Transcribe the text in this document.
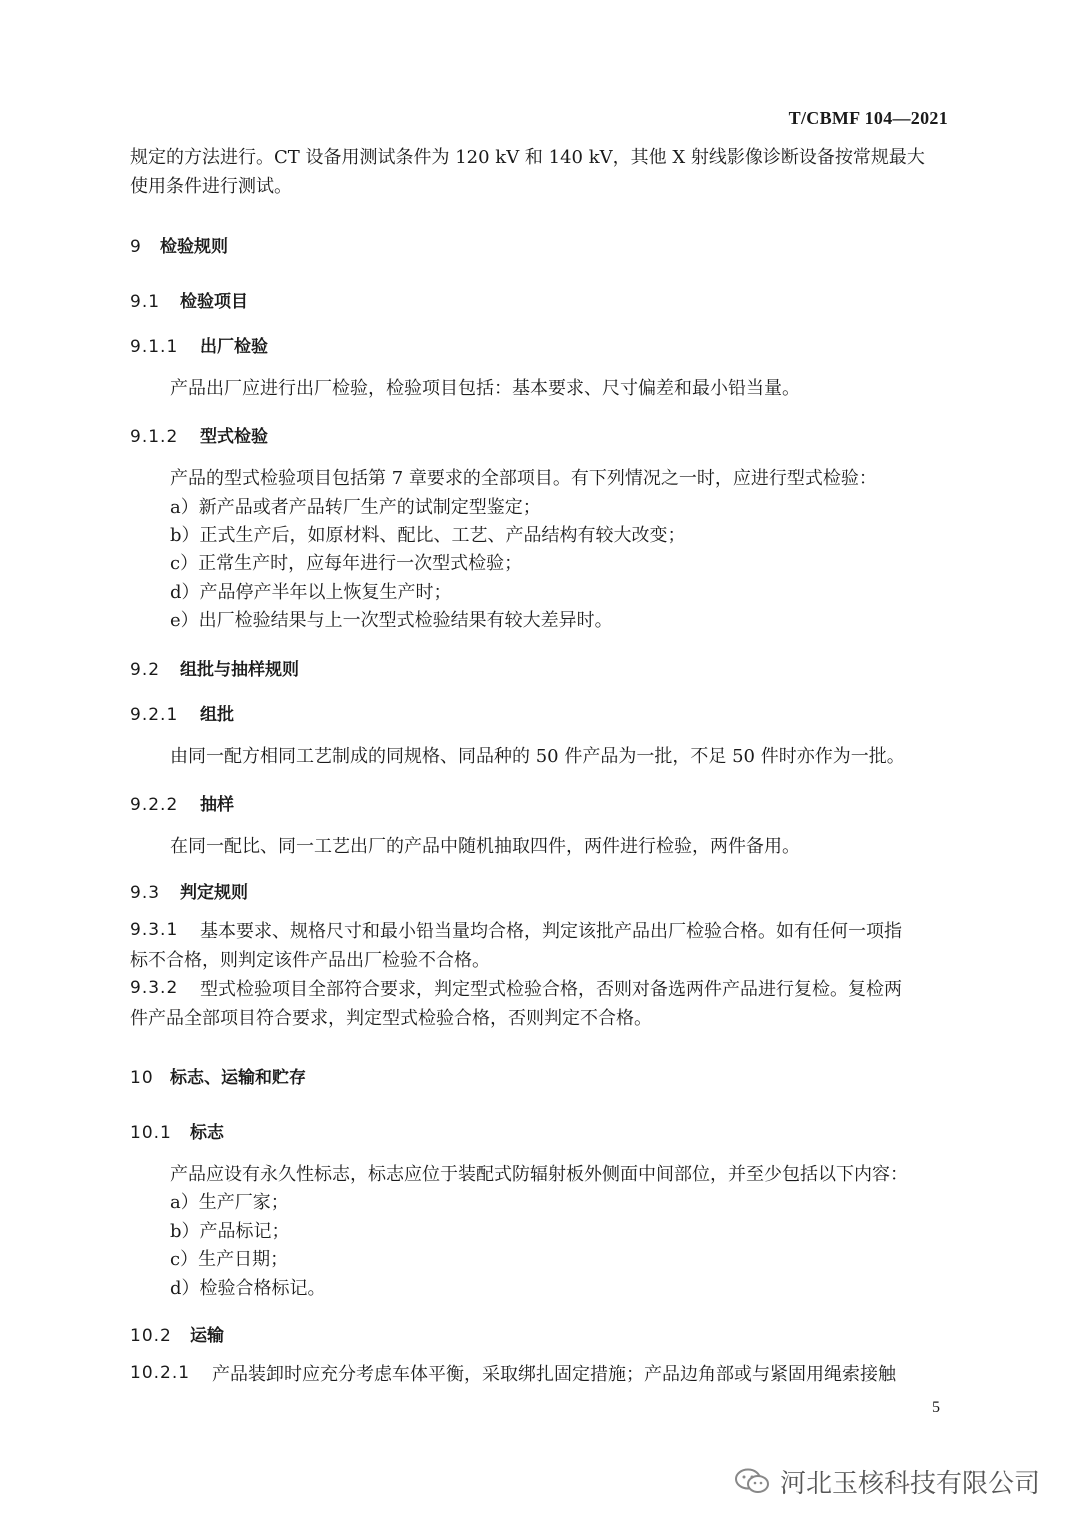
T/CBMF 104—2021

规定的方法进行。CT 设备用测试条件为 120 kV 和 140 kV，其他 X 射线影像诊断设备按常规最大

使用条件进行测试。

9 检验规则
9.1 检验项目
9.1.1 出厂检验

产品出厂应进行出厂检验，检验项目包括：基本要求、尺寸偏差和最小铅当量。

9.1.2 型式检验

产品的型式检验项目包括第 7 章要求的全部项目。有下列情况之一时，应进行型式检验：

a）新产品或者产品转厂生产的试制定型鉴定；

b）正式生产后，如原材料、配比、工艺、产品结构有较大改变；

c）正常生产时，应每年进行一次型式检验；

d）产品停产半年以上恢复生产时；

e）出厂检验结果与上一次型式检验结果有较大差异时。

9.2 组批与抽样规则
9.2.1 组批

由同一配方相同工艺制成的同规格、同品种的 50 件产品为一批，不足 50 件时亦作为一批。

9.2.2 抽样

在同一配比、同一工艺出厂的产品中随机抽取四件，两件进行检验，两件备用。

9.3 判定规则
9.3.1 基本要求、规格尺寸和最小铅当量均合格，判定该批产品出厂检验合格。如有任何一项指

标不合格，则判定该件产品出厂检验不合格。

9.3.2 型式检验项目全部符合要求，判定型式检验合格，否则对备选两件产品进行复检。复检两

件产品全部项目符合要求，判定型式检验合格，否则判定不合格。

10 标志、运输和贮存
10.1 标志

产品应设有永久性标志，标志应位于装配式防辐射板外侧面中间部位，并至少包括以下内容：

a）生产厂家；

b）产品标记；

c）生产日期；

d）检验合格标记。

10.2 运输
10.2.1 产品装卸时应充分考虑车体平衡，采取绑扎固定措施；产品边角部或与紧固用绳索接触

5
河北玉核科技有限公司
